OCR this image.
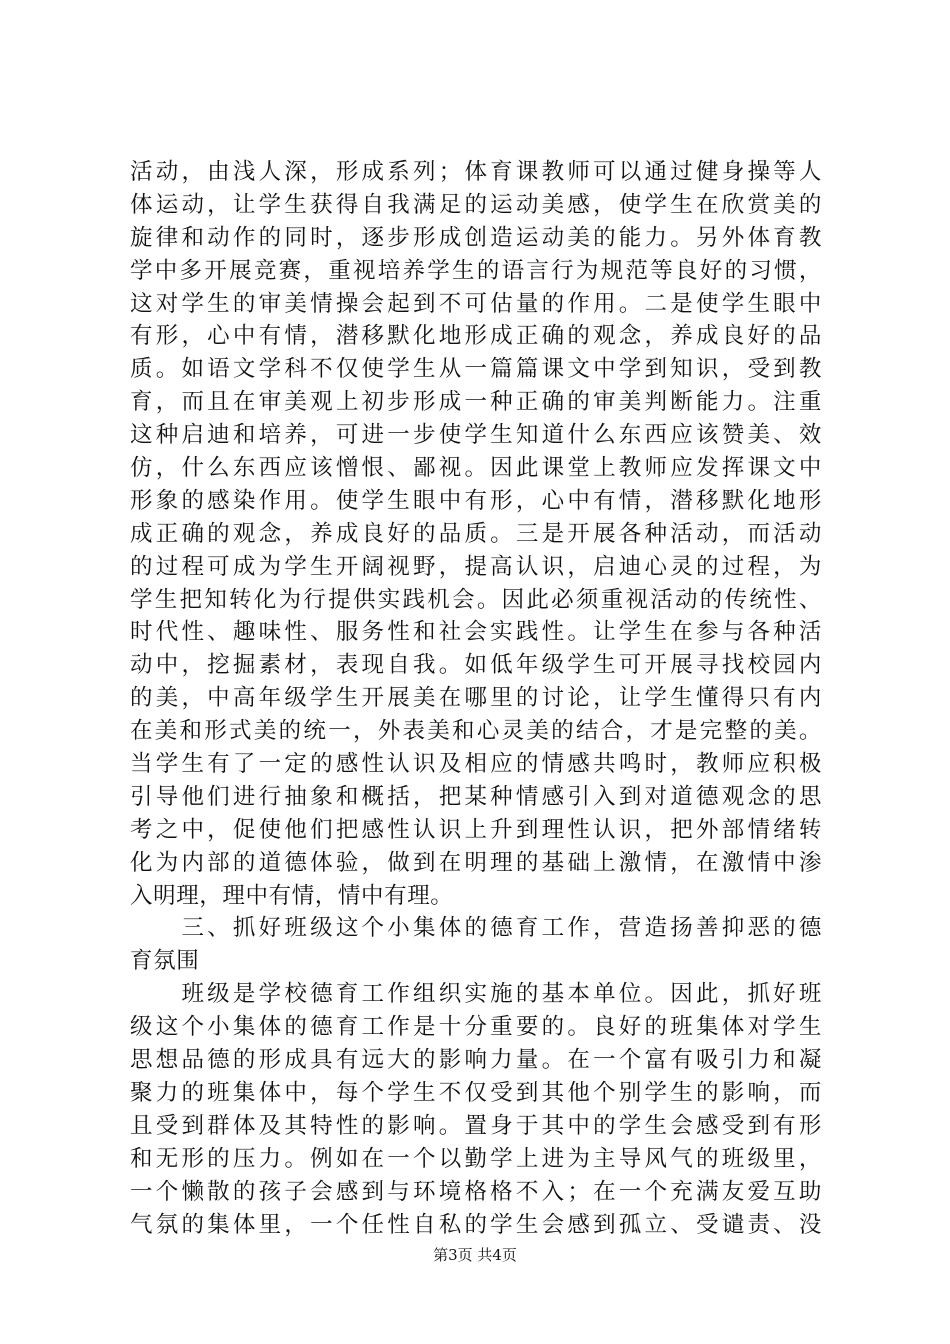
活动，由浅人深，形成系列；体育课教师可以通过健身操等人
体运动，让学生获得自我满足的运动美感，使学生在欣赏美的
旋律和动作的同时，逐步形成创造运动美的能力。另外体育教
学中多开展竞赛，重视培养学生的语言行为规范等良好的习惯，
这对学生的审美情操会起到不可估量的作用。二是使学生眼中
有形，心中有情，潜移默化地形成正确的观念，养成良好的品
质。如语文学科不仅使学生从一篇篇课文中学到知识，受到教
育，而且在审美观上初步形成一种正确的审美判断能力。注重
这种启迪和培养，可进一步使学生知道什么东西应该赞美、效
仿，什么东西应该憎恨、鄙视。因此课堂上教师应发挥课文中
形象的感染作用。使学生眼中有形，心中有情，潜移默化地形
成正确的观念，养成良好的品质。三是开展各种活动，而活动
的过程可成为学生开阔视野，提高认识，启迪心灵的过程，为
学生把知转化为行提供实践机会。因此必须重视活动的传统性、
时代性、趣味性、服务性和社会实践性。让学生在参与各种活
动中，挖掘素材，表现自我。如低年级学生可开展寻找校园内
的美，中高年级学生开展美在哪里的讨论，让学生懂得只有内
在美和形式美的统一，外表美和心灵美的结合，才是完整的美。
当学生有了一定的感性认识及相应的情感共鸣时，教师应积极
引导他们进行抽象和概括，把某种情感引入到对道德观念的思
考之中，促使他们把感性认识上升到理性认识，把外部情绪转
化为内部的道德体验，做到在明理的基础上激情，在激情中渗
入明理，理中有情，情中有理。
　　三、抓好班级这个小集体的德育工作，营造扬善抑恶的德
育氛围
　　班级是学校德育工作组织实施的基本单位。因此，抓好班
级这个小集体的德育工作是十分重要的。良好的班集体对学生
思想品德的形成具有远大的影响力量。在一个富有吸引力和凝
聚力的班集体中，每个学生不仅受到其他个别学生的影响，而
且受到群体及其特性的影响。置身于其中的学生会感受到有形
和无形的压力。例如在一个以勤学上进为主导风气的班级里，
一个懒散的孩子会感到与环境格格不入；在一个充满友爱互助
气氛的集体里，一个任性自私的学生会感到孤立、受谴责、没
第3页 共4页
